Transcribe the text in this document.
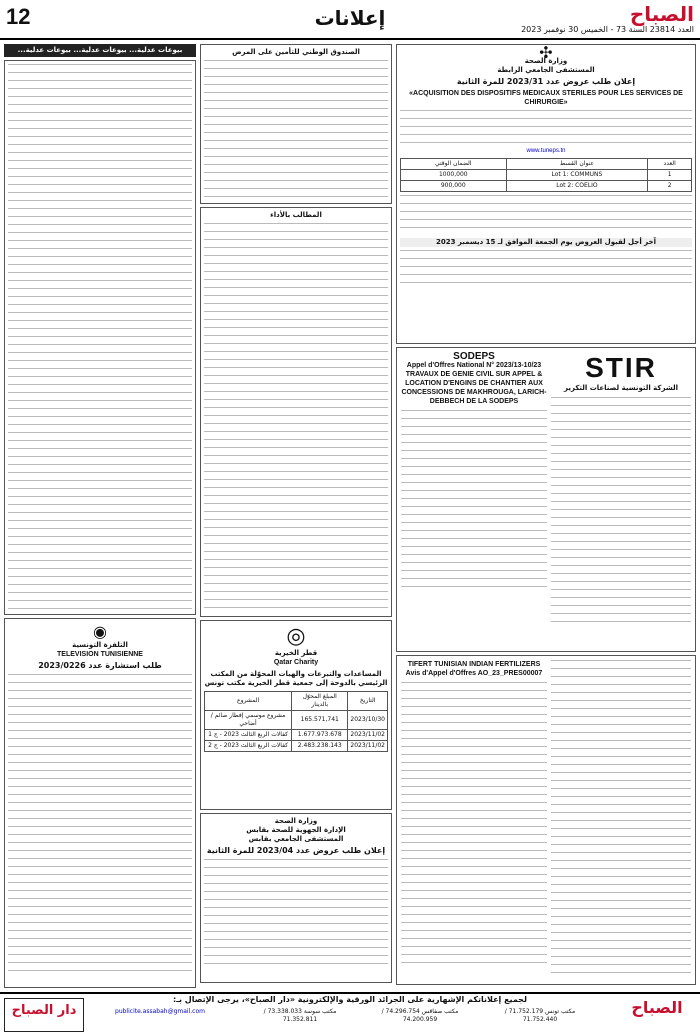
12	إعلانات	الصباح
العدد 23814 السنة 73 - الخميس 30 نوفمبر 2023
✣
وزارة الصحة
المستشفى الجامعي الرابطة
إعلان طلب عروض عدد 2023/31 للمرة الثانية
«ACQUISITION DES DISPOSITIFS MEDICAUX STERILES POUR LES SERVICES DE CHIRURGIE»
www.tuneps.tn
العدد	عنوان القسط	الضمان الوقتي
1	Lot 1: COMMUNS	1000,000
2	Lot 2: COELIO	900,000
آخر أجل لقبول العروض يوم الجمعة الموافق لـ 15 ديسمبر 2023
STIR
الشركة التونسية لصناعات التكرير
SODEPS
Appel d'Offres National N° 2023/13-10/23 TRAVAUX DE GENIE CIVIL SUR APPEL & LOCATION D'ENGINS DE CHANTIER AUX CONCESSIONS DE MAKHROUGA, LARICH-DEBBECH DE LA SODEPS
TIFERT TUNISIAN INDIAN FERTILIZERS Avis d'Appel d'Offres AO_23_PRES00007
الصندوق الوطني للتأمين على المرض
المطالب بالأداء
◎
قطر الخيرية
Qatar Charity
المساعدات والتبرعات والهبات المحوّلة من المكتب الرئيسي بالدوحة إلى جمعية قطر الخيرية مكتب تونس
التاريخ	المبلغ المحوّل بالدينار	المشروع
2023/10/30	165.571,741	مشروع موسمي إفطار صائم / أضاحي
2023/11/02	1.677.973.678	كفالات الربع الثالث 2023 - ج 1
2023/11/02	2.483.238.143	كفالات الربع الثالث 2023 - ج 2
وزارة الصحة
الإدارة الجهوية للصحة بقابس
المستشفى الجامعي بقابس
إعلان طلب عروض عدد 2023/04 للمرة الثانية
بيوعات عدلية... بيوعات عدلية... بيوعات عدلية...
◉
التلفزة التونسية
TELEVISION TUNISIENNE
طلب استشارة عدد 2023/0226
دار الصباح	الصباح
لجميع إعلاناتكم الإشهارية على الجرائد الورقية والإلكترونية «دار الصباح»، يرجى الإتصال بـ:
مكتب تونس 71.752.179 / 71.752.440
مكتب صفاقس 74.296.754 / 74.200.959
مكتب سوسة 73.338.033 / 71.352.811
publicite.assabah@gmail.com
